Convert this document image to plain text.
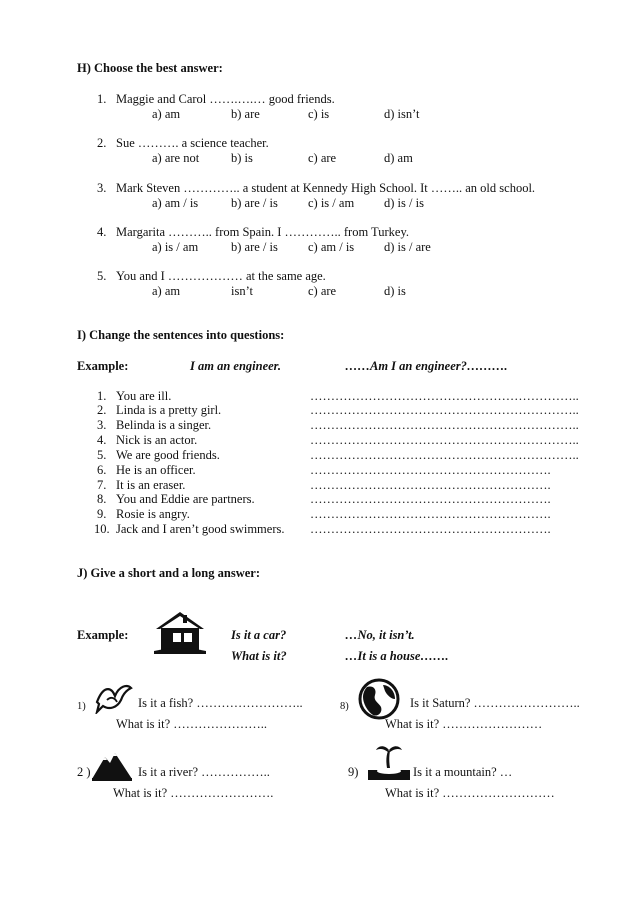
H) Choose the best answer:
1. Maggie and Carol …….….… good friends.
a) am	b) are	c) is	d) isn’t
2. Sue ………. a science teacher.
a) are not	b) is	c) are	d) am
3. Mark Steven ………….. a student at Kennedy High School. It …….. an old school.
a) am / is	b) are / is c) is / am d) is / is
4. Margarita ……….. from Spain. I ………….. from Turkey.
a) is / am	b) are / is c) am / is d) is / are
5. You and I ……………… at the same age.
a) am	isn’t	c) are	d) is
I) Change the sentences into questions:
Example:	I am an engineer.	……Am I an engineer?……….
1. You are ill.	………………………………………………………..
2. Linda is a pretty girl.	………………………………………………………..
3. Belinda is a singer.	………………………………………………………..
4. Nick is an actor.	………………………………………………………..
5. We are good friends.	………………………………………………………..
6. He is an officer.	………………………………………………….
7. It is an eraser.	………………………………………………….
8. You and Eddie are partners.	………………………………………………….
9. Rosie is angry.	………………………………………………….
10. Jack and I aren’t good swimmers. ………………………………………………….
J) Give a short and a long answer:
Example:	Is it a car?	…No, it isn’t.
What is it?	…It is a house…….
1)	Is it a fish? ……………………..
What is it? …………………..
8)	Is it Saturn? ……………………..
What is it? ……………………
2 )	Is it a river? ……………..
What is it? …………………….
9)	Is it a mountain? …
What is it? ………………………
